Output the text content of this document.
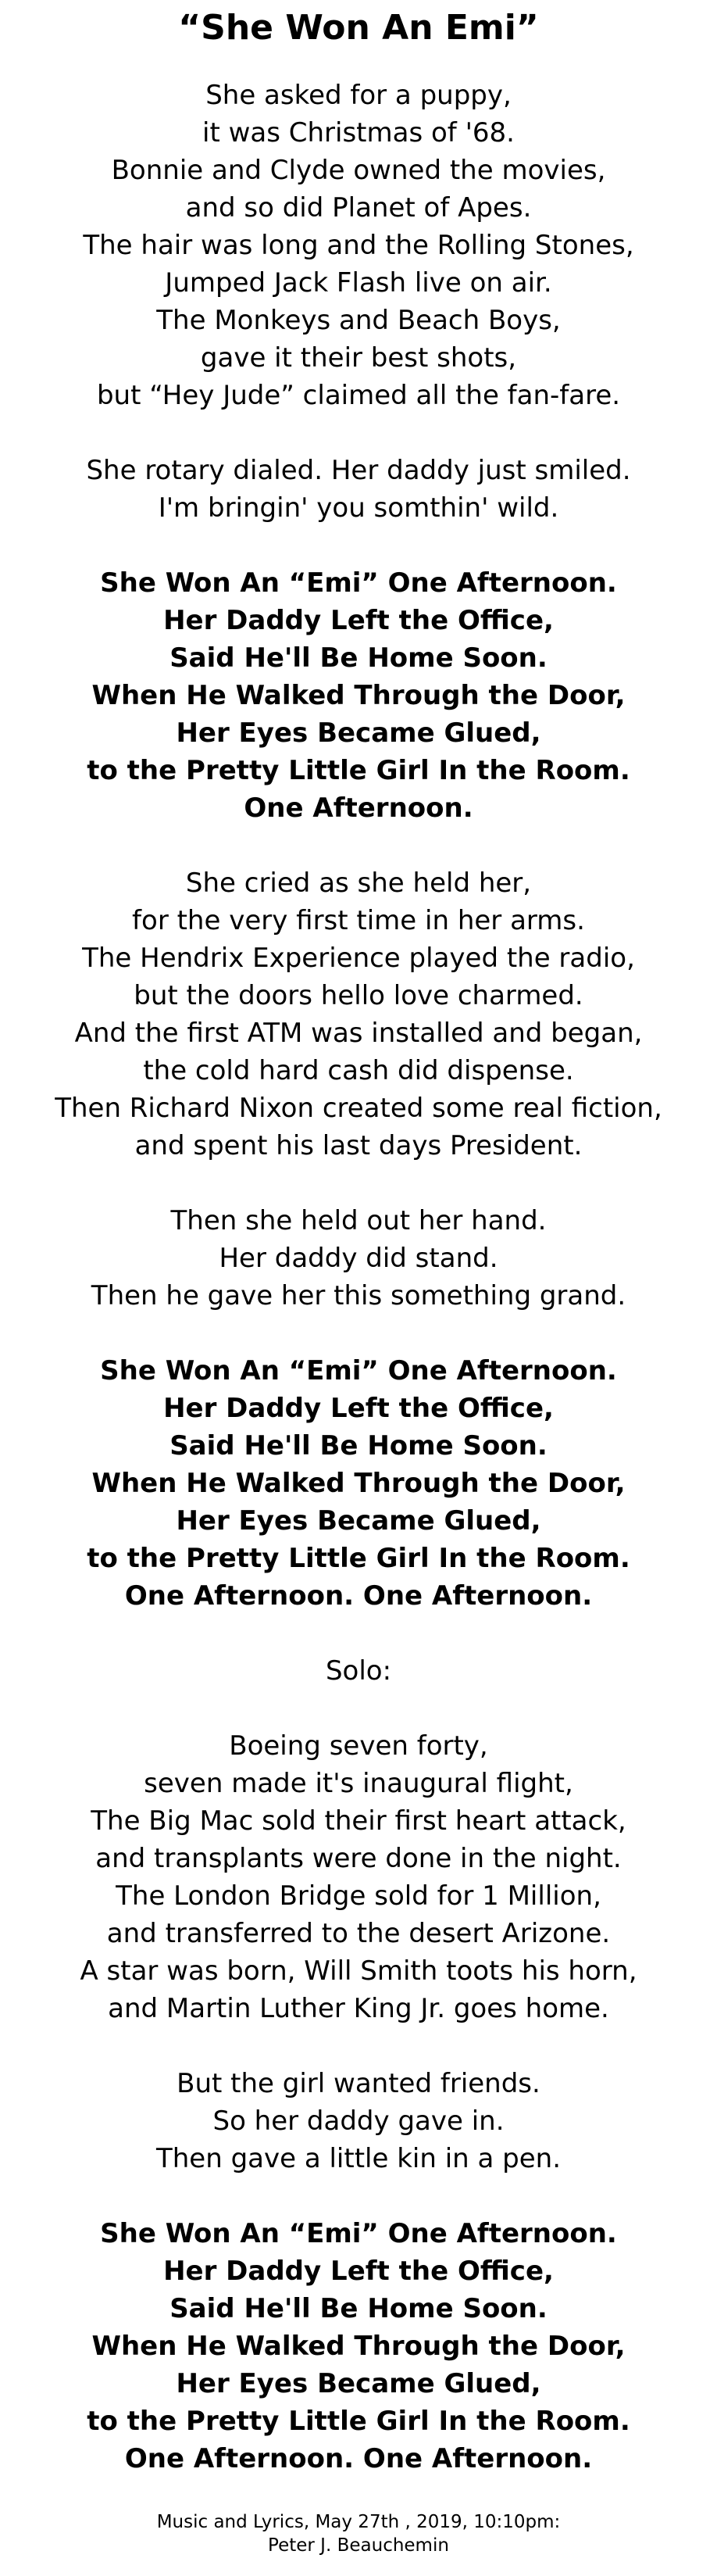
“She Won An Emi”
She asked for a puppy,
it was Christmas of '68.
Bonnie and Clyde owned the movies,
and so did Planet of Apes.
The hair was long and the Rolling Stones,
Jumped Jack Flash live on air.
The Monkeys and Beach Boys,
gave it their best shots,
but “Hey Jude” claimed all the fan-fare.
She rotary dialed. Her daddy just smiled.
I'm bringin' you somthin' wild.
She Won An “Emi” One Afternoon.
Her Daddy Left the Office,
Said He'll Be Home Soon.
When He Walked Through the Door,
Her Eyes Became Glued,
to the Pretty Little Girl In the Room.
One Afternoon.
She cried as she held her,
for the very first time in her arms.
The Hendrix Experience played the radio,
but the doors hello love charmed.
And the first ATM was installed and began,
the cold hard cash did dispense.
Then Richard Nixon created some real fiction,
and spent his last days President.
Then she held out her hand.
Her daddy did stand.
Then he gave her this something grand.
She Won An “Emi” One Afternoon.
Her Daddy Left the Office,
Said He'll Be Home Soon.
When He Walked Through the Door,
Her Eyes Became Glued,
to the Pretty Little Girl In the Room.
One Afternoon. One Afternoon.
Solo:
Boeing seven forty,
seven made it's inaugural flight,
The Big Mac sold their first heart attack,
and transplants were done in the night.
The London Bridge sold for 1 Million,
and transferred to the desert Arizone.
A star was born, Will Smith toots his horn,
and Martin Luther King Jr. goes home.
But the girl wanted friends.
So her daddy gave in.
Then gave a little kin in a pen.
She Won An “Emi” One Afternoon.
Her Daddy Left the Office,
Said He'll Be Home Soon.
When He Walked Through the Door,
Her Eyes Became Glued,
to the Pretty Little Girl In the Room.
One Afternoon. One Afternoon.
Music and Lyrics, May 27th , 2019, 10:10pm:
Peter J. Beauchemin
